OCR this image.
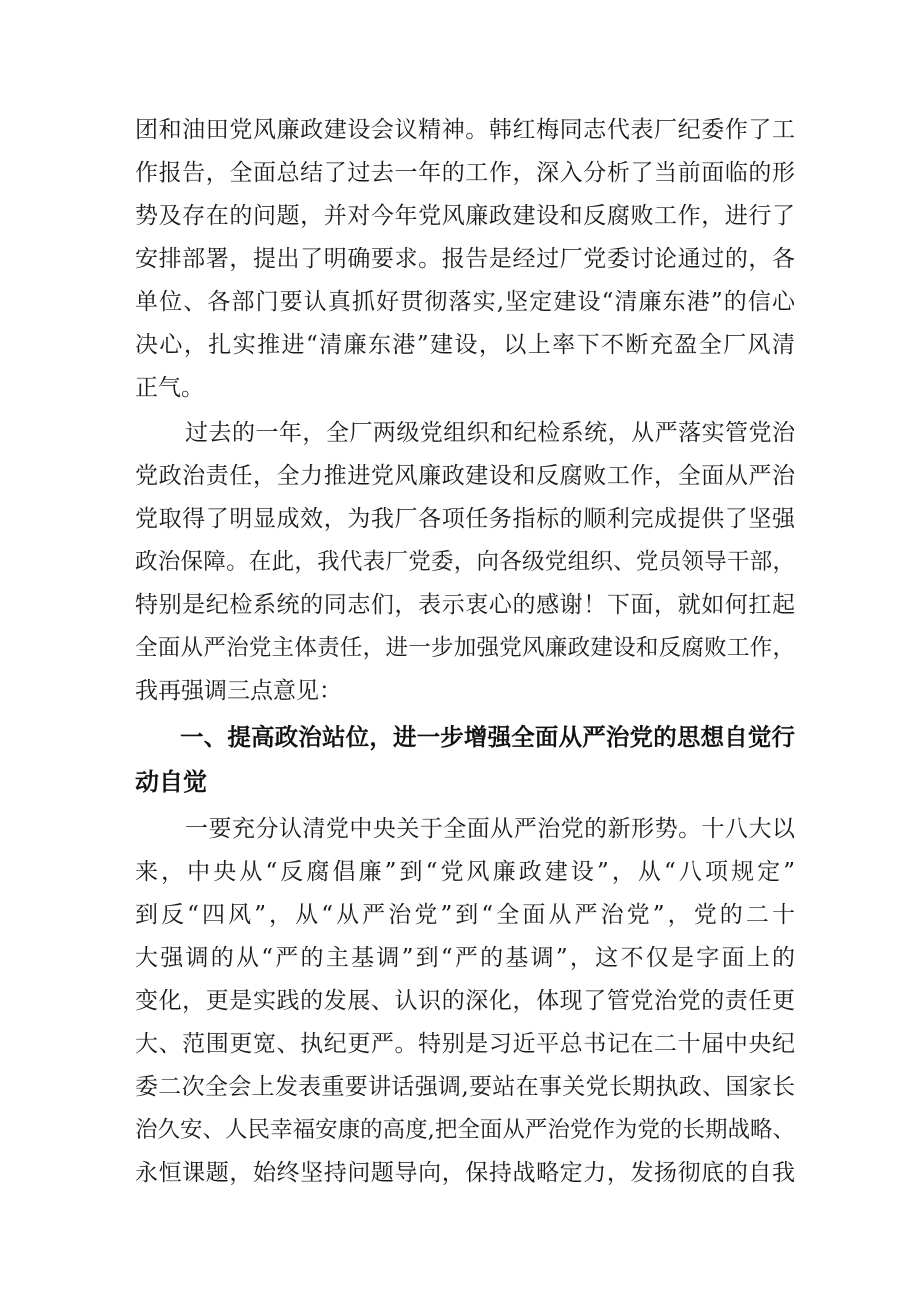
团和油田党风廉政建设会议精神。韩红梅同志代表厂纪委作了工
作报告，全面总结了过去一年的工作，深入分析了当前面临的形
势及存在的问题，并对今年党风廉政建设和反腐败工作，进行了
安排部署，提出了明确要求。报告是经过厂党委讨论通过的，各
单位、各部门要认真抓好贯彻落实,坚定建设“清廉东港”的信心
决心，扎实推进“清廉东港”建设，以上率下不断充盈全厂风清
正气。
过去的一年，全厂两级党组织和纪检系统，从严落实管党治
党政治责任，全力推进党风廉政建设和反腐败工作，全面从严治
党取得了明显成效，为我厂各项任务指标的顺利完成提供了坚强
政治保障。在此，我代表厂党委，向各级党组织、党员领导干部，
特别是纪检系统的同志们，表示衷心的感谢！下面，就如何扛起
全面从严治党主体责任，进一步加强党风廉政建设和反腐败工作，
我再强调三点意见：
一、提高政治站位，进一步增强全面从严治党的思想自觉行
动自觉
一要充分认清党中央关于全面从严治党的新形势。十八大以
来，中央从“反腐倡廉”到“党风廉政建设”，从“八项规定”
到反“四风”，从“从严治党”到“全面从严治党”，党的二十
大强调的从“严的主基调”到“严的基调”，这不仅是字面上的
变化，更是实践的发展、认识的深化，体现了管党治党的责任更
大、范围更宽、执纪更严。特别是习近平总书记在二十届中央纪
委二次全会上发表重要讲话强调,要站在事关党长期执政、国家长
治久安、人民幸福安康的高度,把全面从严治党作为党的长期战略、
永恒课题，始终坚持问题导向，保持战略定力，发扬彻底的自我
